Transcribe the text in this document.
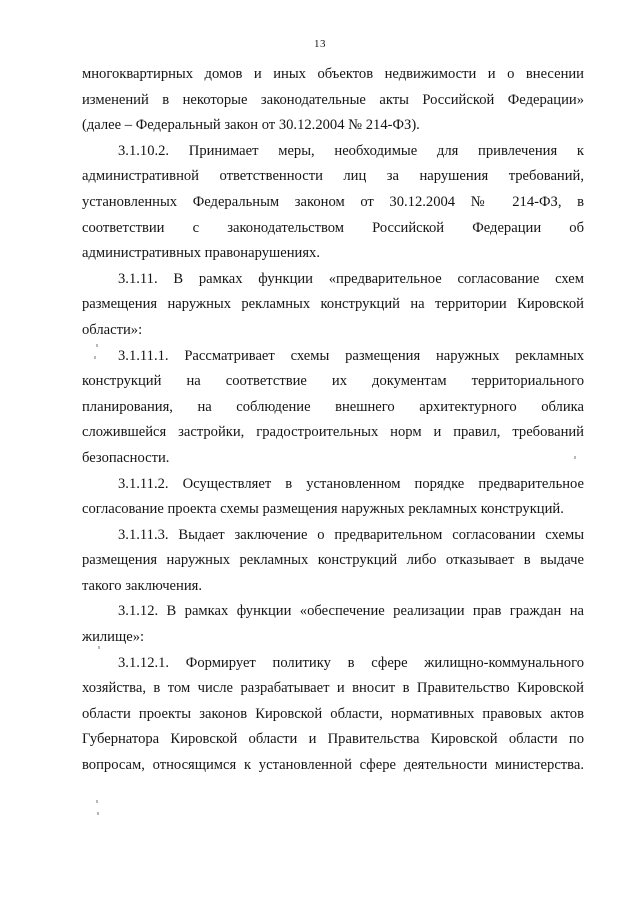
13

многоквартирных домов и иных объектов недвижимости и о внесении
изменений в некоторые законодательные акты Российской Федерации»
(далее – Федеральный закон от 30.12.2004 № 214-ФЗ).

3.1.10.2. Принимает меры, необходимые для привлечения к
административной ответственности лиц за нарушения требований,
установленных Федеральным законом от 30.12.2004 № 214-ФЗ, в
соответствии с законодательством Российской Федерации об
административных правонарушениях.

3.1.11. В рамках функции «предварительное согласование схем
размещения наружных рекламных конструкций на территории Кировской
области»:

3.1.11.1. Рассматривает схемы размещения наружных рекламных
конструкций на соответствие их документам территориального
планирования, на соблюдение внешнего архитектурного облика
сложившейся застройки, градостроительных норм и правил, требований
безопасности.

3.1.11.2. Осуществляет в установленном порядке предварительное
согласование проекта схемы размещения наружных рекламных конструкций.

3.1.11.3. Выдает заключение о предварительном согласовании схемы
размещения наружных рекламных конструкций либо отказывает в выдаче
такого заключения.

3.1.12. В рамках функции «обеспечение реализации прав граждан на
жилище»:

3.1.12.1. Формирует политику в сфере жилищно-коммунального
хозяйства, в том числе разрабатывает и вносит в Правительство Кировской
области проекты законов Кировской области, нормативных правовых актов
Губернатора Кировской области и Правительства Кировской области по
вопросам, относящимся к установленной сфере деятельности министерства.
